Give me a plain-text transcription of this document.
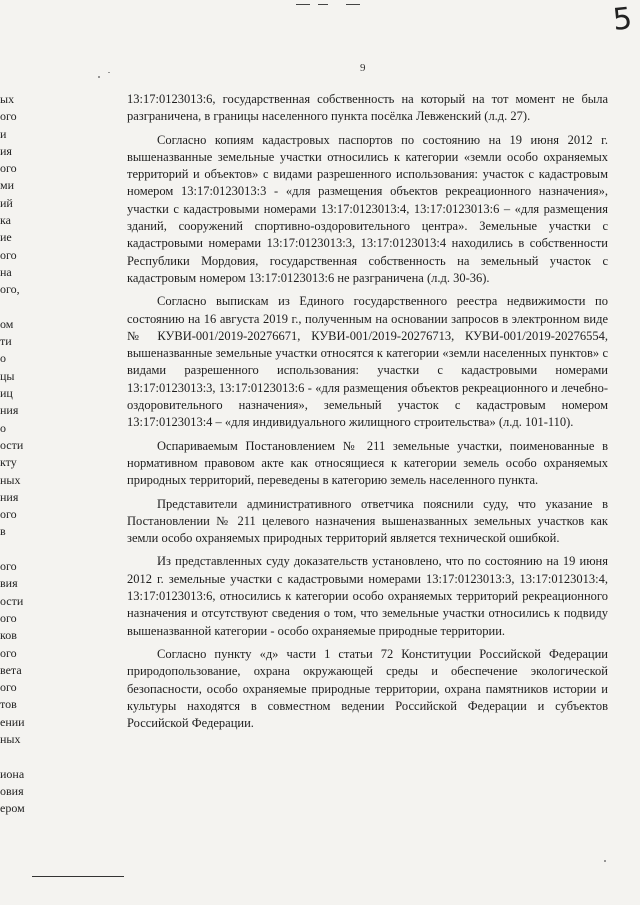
5
9
ых
ого
и
ия
ого
ми
ий
ка
ие
ого
на
ого,
ом
ти
о
цы
иц
ния
о
ости
кту
ных
ния
ого
в
ого
вия
ости
ого
ков
ого
вета
ого
тов
ении
ных
иона
овия
ером

13:17:0123013:6, государственная собственность на который на тот момент не была разграничена, в границы населенного пункта посёлка Левженский (л.д. 27).

Согласно копиям кадастровых паспортов по состоянию на 19 июня 2012 г. вышеназванные земельные участки относились к категории «земли особо охраняемых территорий и объектов» с видами разрешенного использования: участок с кадастровым номером 13:17:0123013:3 - «для размещения объектов рекреационного назначения», участки с кадастровыми номерами 13:17:0123013:4, 13:17:0123013:6 – «для размещения зданий, сооружений спортивно-оздоровительного центра». Земельные участки с кадастровыми номерами 13:17:0123013:3, 13:17:0123013:4 находились в собственности Республики Мордовия, государственная собственность на земельный участок с кадастровым номером 13:17:0123013:6 не разграничена (л.д. 30-36).

Согласно выпискам из Единого государственного реестра недвижимости по состоянию на 16 августа 2019 г., полученным на основании запросов в электронном виде № КУВИ-001/2019-20276671, КУВИ-001/2019-20276713, КУВИ-001/2019-20276554, вышеназванные земельные участки относятся к категории «земли населенных пунктов» с видами разрешенного использования: участки с кадастровыми номерами 13:17:0123013:3, 13:17:0123013:6 - «для размещения объектов рекреационного и лечебно-оздоровительного назначения», земельный участок с кадастровым номером 13:17:0123013:4 – «для индивидуального жилищного строительства» (л.д. 101-110).

Оспариваемым Постановлением № 211 земельные участки, поименованные в нормативном правовом акте как относящиеся к категории земель особо охраняемых природных территорий, переведены в категорию земель населенного пункта.

Представители административного ответчика пояснили суду, что указание в Постановлении № 211 целевого назначения вышеназванных земельных участков как земли особо охраняемых природных территорий является технической ошибкой.

Из представленных суду доказательств установлено, что по состоянию на 19 июня 2012 г. земельные участки с кадастровыми номерами 13:17:0123013:3, 13:17:0123013:4, 13:17:0123013:6, относились к категории особо охраняемых территорий рекреационного назначения и отсутствуют сведения о том, что земельные участки относились к подвиду вышеназванной категории - особо охраняемые природные территории.

Согласно пункту «д» части 1 статьи 72 Конституции Российской Федерации природопользование, охрана окружающей среды и обеспечение экологической безопасности, особо охраняемые природные территории, охрана памятников истории и культуры находятся в совместном ведении Российской Федерации и субъектов Российской Федерации.
